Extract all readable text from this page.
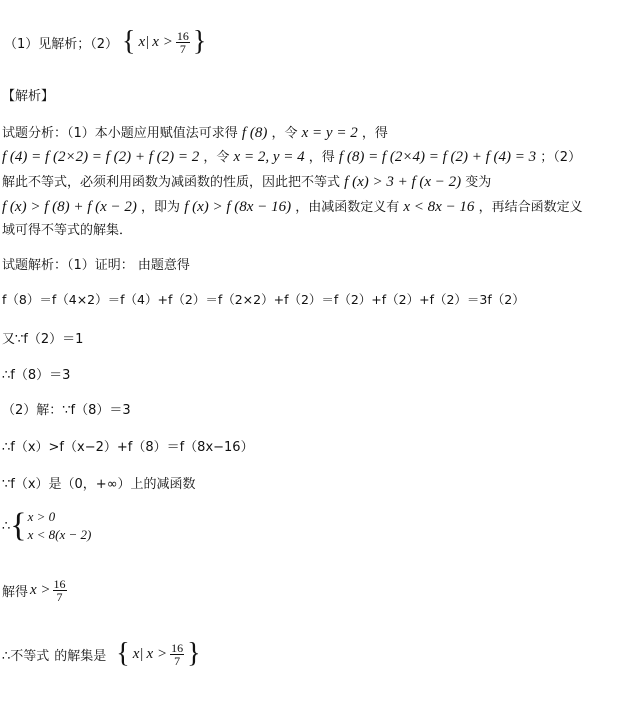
（1）见解析；（2） { x| $x > \frac{16}{7}$ }
【解析】
试题分析：（1）本小题应用赋值法可求得 f (8) ，令 x = y = 2 ，得
f (4) = f (2×2) = f (2) + f (2) = 2 ，令 x = 2, y = 4 ，得 f (8) = f (2×4) = f (2) + f (4) = 3 ；（2）
解此不等式，必须利用函数为减函数的性质，因此把不等式 f (x) > 3 + f (x − 2) 变为
f (x) > f (8) + f (x − 2) ，即为 f (x) > f (8x − 16) ，由减函数定义有 x < 8x − 16 ，再结合函数定义
域可得不等式的解集．
试题解析：（1）证明： 由题意得
f（8）＝f（4×2）＝f（4）+f（2）＝f（2×2）+f（2）＝f（2）+f（2）+f（2）＝3f（2）
又∵f（2）＝1
∴f（8）＝3
（2）解：∵f（8）＝3
∴f（x）>f（x−2）+f（8）＝f（8x−16）
∵f（x）是（0，+∞）上的减函数
∴ { x > 0
x < 8(x − 2)
解得 $x > \frac{16}{7}$
∴不等式 的解集是 { x| $x > \frac{16}{7}$ }
